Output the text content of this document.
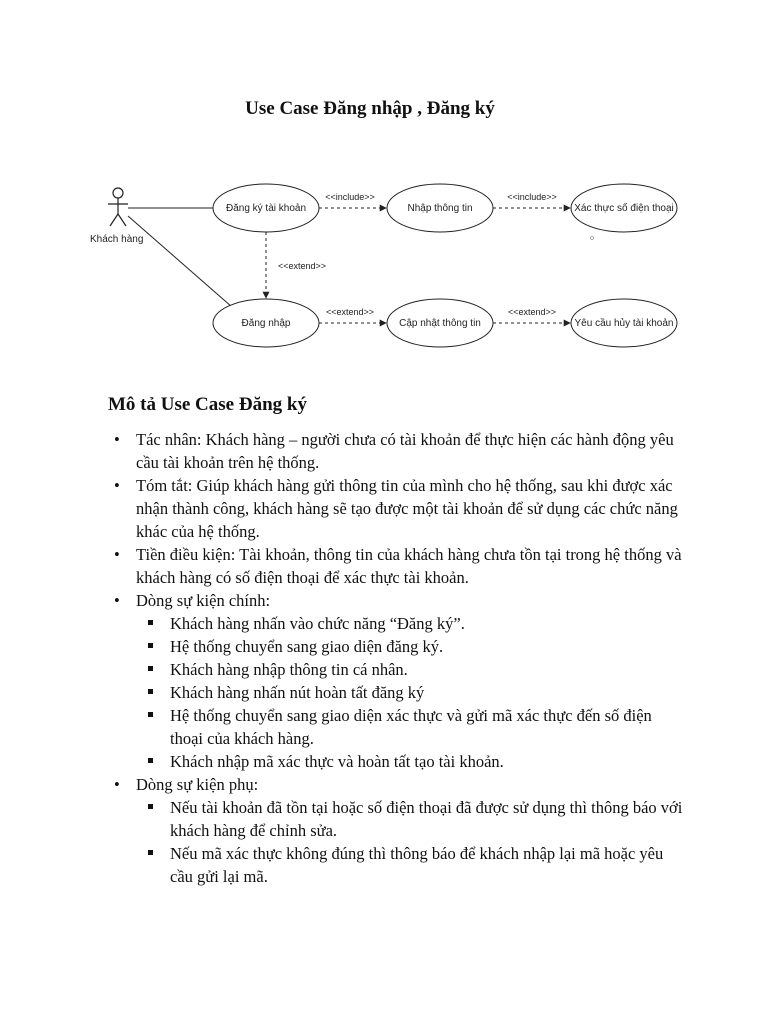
Use Case Đăng nhập , Đăng ký
Khách hàng
Đăng ký tài khoản	Nhập thông tin	Xác thực số điện thoại
Đăng nhập	Cập nhật thông tin	Yêu cầu hủy tài khoản
<<include>>	<<include>>
<<extend>>
<<extend>>	<<extend>>
Mô tả Use Case Đăng ký
• Tác nhân: Khách hàng – người chưa có tài khoản để thực hiện các hành động yêu cầu tài khoản trên hệ thống.
• Tóm tắt: Giúp khách hàng gửi thông tin của mình cho hệ thống, sau khi được xác nhận thành công, khách hàng sẽ tạo được một tài khoản để sử dụng các chức năng khác của hệ thống.
• Tiền điều kiện: Tài khoản, thông tin của khách hàng chưa tồn tại trong hệ thống và khách hàng có số điện thoại để xác thực tài khoản.
• Dòng sự kiện chính:
Khách hàng nhấn vào chức năng “Đăng ký”.
Hệ thống chuyển sang giao diện đăng ký.
Khách hàng nhập thông tin cá nhân.
Khách hàng nhấn nút hoàn tất đăng ký
Hệ thống chuyển sang giao diện xác thực và gửi mã xác thực đến số điện thoại của khách hàng.
Khách nhập mã xác thực và hoàn tất tạo tài khoản.
• Dòng sự kiện phụ:
Nếu tài khoản đã tồn tại hoặc số điện thoại đã được sử dụng thì thông báo với khách hàng để chỉnh sửa.
Nếu mã xác thực không đúng thì thông báo để khách nhập lại mã hoặc yêu cầu gửi lại mã.
